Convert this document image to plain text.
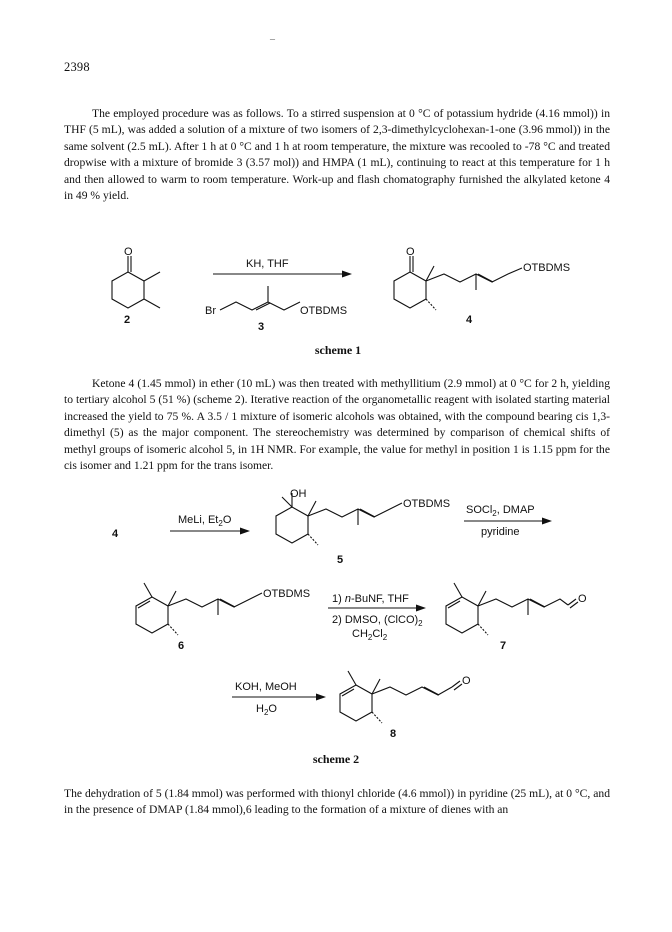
–
2398

The employed procedure was as follows. To a stirred suspension at 0 °C of potassium hydride (4.16 mmol)) in THF (5 mL), was added a solution of a mixture of two isomers of 2,3-dimethylcyclohexan-1-one (3.96 mmol)) in the same solvent (2.5 mL). After 1 h at 0 °C and 1 h at room temperature, the mixture was recooled to -78 °C and treated dropwise with a mixture of bromide 3 (3.57 mol)) and HMPA (1 mL), continuing to react at this temperature for 1 h and then allowed to warm to room temperature. Work-up and flash chomatography furnished the alkylated ketone 4 in 49 % yield.

O
2
KH, THF
Br	OTBDMS
3
O
OTBDMS
4
scheme 1

Ketone 4 (1.45 mmol) in ether (10 mL) was then treated with methyllitium (2.9 mmol) at 0 °C for 2 h, yielding to tertiary alcohol 5 (51 %) (scheme 2). Iterative reaction of the organometallic reagent with isolated starting material increased the yield to 75 %. A 3.5 / 1 mixture of isomeric alcohols was obtained, with the compound bearing cis 1,3-dimethyl (5) as the major component. The stereochemistry was determined by comparison of chemical shifts of methyl groups of isomeric alcohol 5, in 1H NMR. For example, the value for methyl in position 1 is 1.15 ppm for the cis isomer and 1.21 ppm for the trans isomer.

4
MeLi, $Et_2O$
OH
OTBDMS
5
SOCl$_2$, DMAP
pyridine
OTBDMS
6
1) n-BuNF, THF
2) DMSO, $(ClCO)_2$
$CH_2Cl_2$
O
7
KOH, MeOH
$H_2O$
O
8
scheme 2

The dehydration of 5 (1.84 mmol) was performed with thionyl chloride (4.6 mmol)) in pyridine (25 mL), at 0 °C, and in the presence of DMAP (1.84 mmol),6 leading to the formation of a mixture of dienes with an
